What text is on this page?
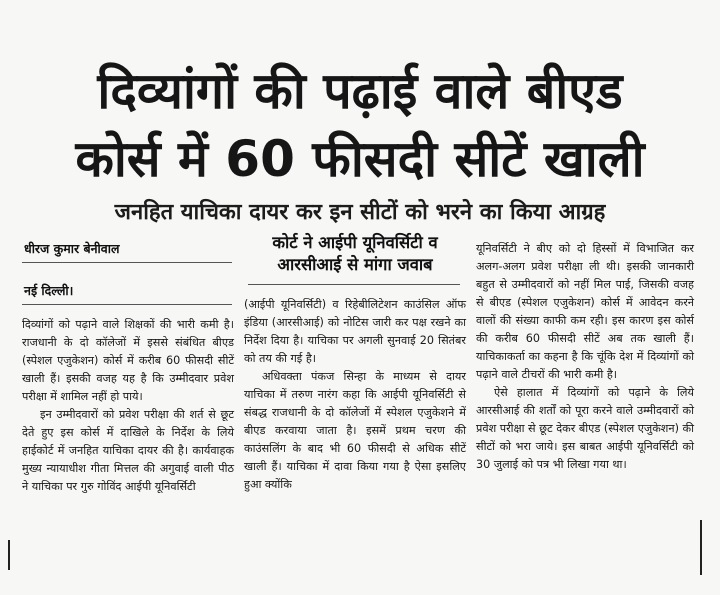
दिव्यांगों की पढ़ाई वाले बीएड
कोर्स में 60 फीसदी सीटें खाली
जनहित याचिका दायर कर इन सीटों को भरने का किया आग्रह
धीरज कुमार बेनीवाल
नई दिल्ली।
कोर्ट ने आईपी यूनिवर्सिटी व आरसीआई से मांगा जवाब

दिव्यांगों को पढ़ाने वाले शिक्षकों की भारी कमी है। राजधानी के दो कॉलेजों में इससे संबंधित बीएड (स्पेशल एजुकेशन) कोर्स में करीब 60 फीसदी सीटें खाली हैं। इसकी वजह यह है कि उम्मीदवार प्रवेश परीक्षा में शामिल नहीं हो पाये।

इन उम्मीदवारों को प्रवेश परीक्षा की शर्त से छूट देते हुए इस कोर्स में दाखिले के निर्देश के लिये हाईकोर्ट में जनहित याचिका दायर की है। कार्यवाहक मुख्य न्यायाधीश गीता मित्तल की अगुवाई वाली पीठ ने याचिका पर गुरु गोविंद आईपी यूनिवर्सिटी

(आईपी यूनिवर्सिटी) व रिहेबीलिटेशन काउंसिल ऑफ इंडिया (आरसीआई) को नोटिस जारी कर पक्ष रखने का निर्देश दिया है। याचिका पर अगली सुनवाई 20 सितंबर को तय की गई है।

अधिवक्ता पंकज सिन्हा के माध्यम से दायर याचिका में तरुण नारंग कहा कि आईपी यूनिवर्सिटी से संबद्ध राजधानी के दो कॉलेजों में स्पेशल एजुकेशने में बीएड करवाया जाता है। इसमें प्रथम चरण की काउंसलिंग के बाद भी 60 फीसदी से अधिक सीटें खाली हैं। याचिका में दावा किया गया है ऐसा इसलिए हुआ क्योंकि

यूनिवर्सिटी ने बीए को दो हिस्सों में विभाजित कर अलग-अलग प्रवेश परीक्षा ली थी। इसकी जानकारी बहुत से उम्मीदवारों को नहीं मिल पाई, जिसकी वजह से बीएड (स्पेशल एजुकेशन) कोर्स में आवेदन करने वालों की संख्या काफी कम रही। इस कारण इस कोर्स की करीब 60 फीसदी सीटें अब तक खाली हैं। याचिकाकर्ता का कहना है कि चूंकि देश में दिव्यांगों को पढ़ाने वाले टीचरों की भारी कमी है।

ऐसे हालात में दिव्यांगों को पढ़ाने के लिये आरसीआई की शर्तों को पूरा करने वाले उम्मीदवारों को प्रवेश परीक्षा से छूट देकर बीएड (स्पेशल एजुकेशन) की सीटों को भरा जाये। इस बाबत आईपी यूनिवर्सिटी को 30 जुलाई को पत्र भी लिखा गया था।
